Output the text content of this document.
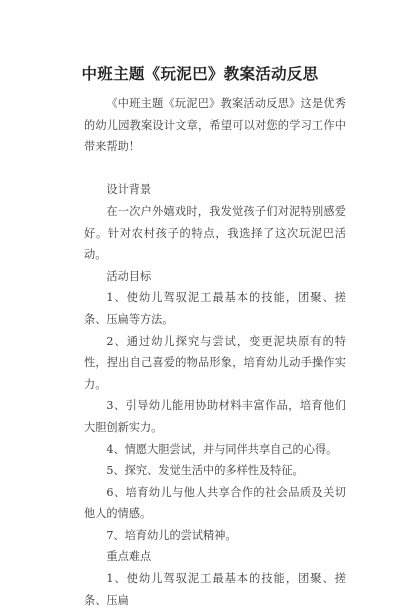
中班主题《玩泥巴》教案活动反思

《中班主题《玩泥巴》教案活动反思》这是优秀的幼儿园教案设计文章，希望可以对您的学习工作中带来帮助！

设计背景

在一次户外嬉戏时，我发觉孩子们对泥特别感爱好。针对农村孩子的特点，我选择了这次玩泥巴活动。

活动目标

1、使幼儿驾驭泥工最基本的技能，团聚、搓条、压扁等方法。

2、通过幼儿探究与尝试，变更泥块原有的特性，捏出自己喜爱的物品形象，培育幼儿动手操作实力。

3、引导幼儿能用协助材料丰富作品，培育他们大胆创新实力。

4、情愿大胆尝试，并与同伴共享自己的心得。

5、探究、发觉生活中的多样性及特征。

6、培育幼儿与他人共享合作的社会品质及关切他人的情感。

7、培育幼儿的尝试精神。

重点难点

1、使幼儿驾驭泥工最基本的技能，团聚、搓条、压扁
